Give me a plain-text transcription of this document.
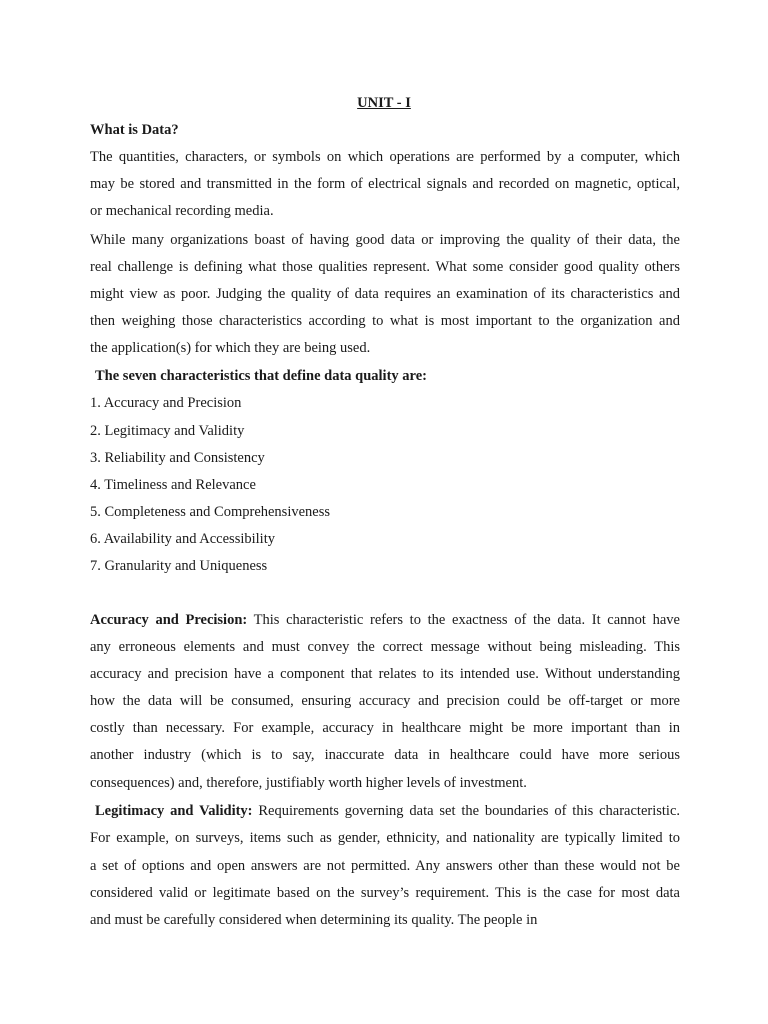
UNIT - I
What is Data?
The quantities, characters, or symbols on which operations are performed by a computer, which
may be stored and transmitted in the form of electrical signals and recorded on magnetic, optical,
or mechanical recording media.
While many organizations boast of having good data or improving the quality of their data, the
real challenge is defining what those qualities represent. What some consider good quality others
might view as poor. Judging the quality of data requires an examination of its characteristics and
then weighing those characteristics according to what is most important to the organization and
the application(s) for which they are being used.
The seven characteristics that define data quality are:
1. Accuracy and Precision
2. Legitimacy and Validity
3. Reliability and Consistency
4. Timeliness and Relevance
5. Completeness and Comprehensiveness
6. Availability and Accessibility
7. Granularity and Uniqueness
Accuracy and Precision: This characteristic refers to the exactness of the data. It cannot have
any erroneous elements and must convey the correct message without being misleading. This
accuracy and precision have a component that relates to its intended use. Without understanding
how the data will be consumed, ensuring accuracy and precision could be off-target or more
costly than necessary. For example, accuracy in healthcare might be more important than in
another industry (which is to say, inaccurate data in healthcare could have more serious
consequences) and, therefore, justifiably worth higher levels of investment.
Legitimacy and Validity: Requirements governing data set the boundaries of this characteristic.
For example, on surveys, items such as gender, ethnicity, and nationality are typically limited to
a set of options and open answers are not permitted. Any answers other than these would not be
considered valid or legitimate based on the survey’s requirement. This is the case for most data
and must be carefully considered when determining its quality. The people in
